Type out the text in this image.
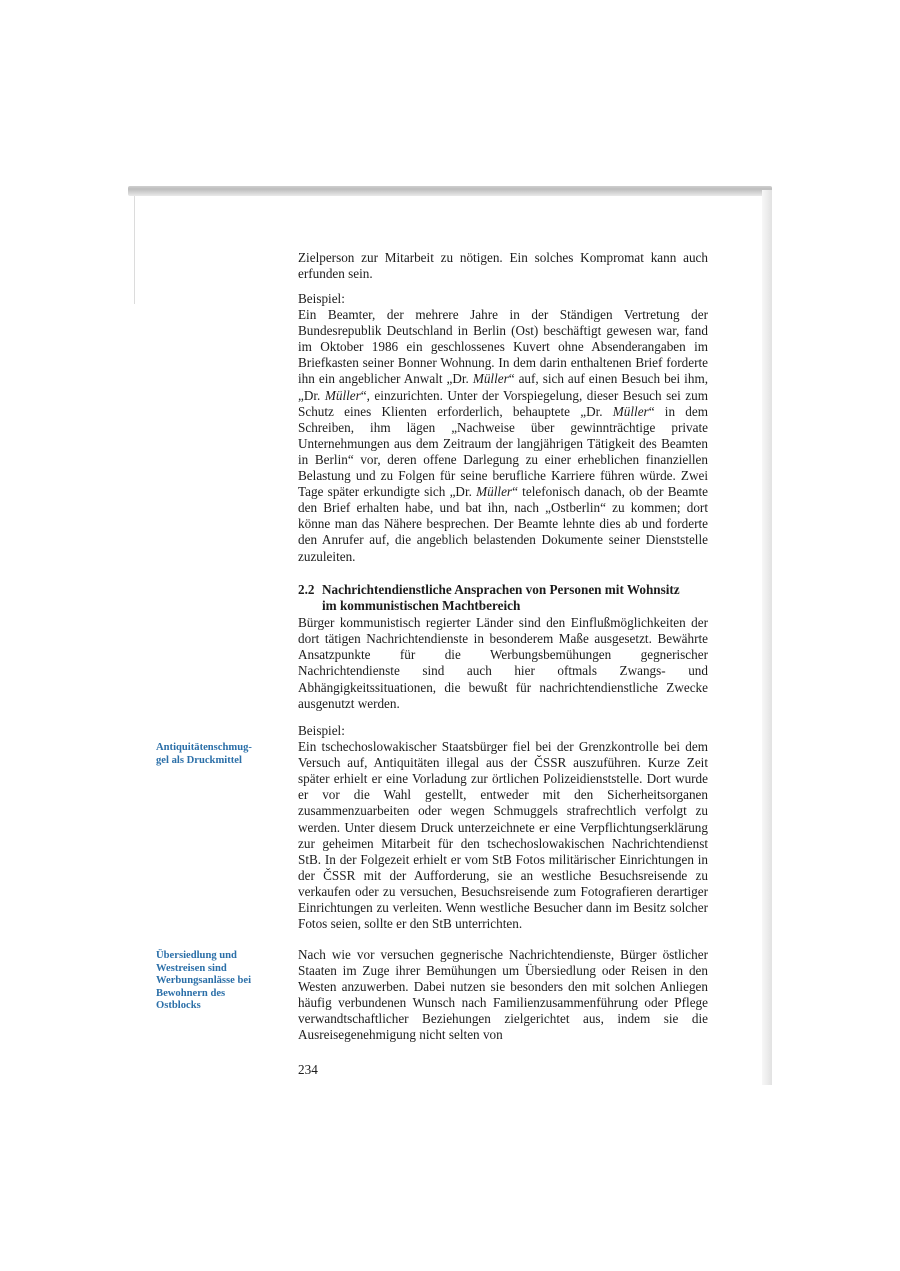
Zielperson zur Mitarbeit zu nötigen. Ein solches Kompromat kann auch erfunden sein.

Beispiel:

Ein Beamter, der mehrere Jahre in der Ständigen Vertretung der Bundesrepublik Deutschland in Berlin (Ost) beschäftigt gewesen war, fand im Oktober 1986 ein geschlossenes Kuvert ohne Absenderangaben im Briefkasten seiner Bonner Wohnung. In dem darin enthaltenen Brief forderte ihn ein angeblicher Anwalt „Dr. Müller“ auf, sich auf einen Besuch bei ihm, „Dr. Müller“, einzurichten. Unter der Vorspiegelung, dieser Besuch sei zum Schutz eines Klienten erforderlich, behauptete „Dr. Müller“ in dem Schreiben, ihm lägen „Nachweise über gewinnträchtige private Unternehmungen aus dem Zeitraum der langjährigen Tätigkeit des Beamten in Berlin“ vor, deren offene Darlegung zu einer erheblichen finanziellen Belastung und zu Folgen für seine berufliche Karriere führen würde. Zwei Tage später erkundigte sich „Dr. Müller“ telefonisch danach, ob der Beamte den Brief erhalten habe, und bat ihn, nach „Ostberlin“ zu kommen; dort könne man das Nähere besprechen. Der Beamte lehnte dies ab und forderte den Anrufer auf, die angeblich belastenden Dokumente seiner Dienststelle zuzuleiten.

2.2 Nachrichtendienstliche Ansprachen von Personen mit Wohnsitz
im kommunistischen Machtbereich

Bürger kommunistisch regierter Länder sind den Einflußmöglichkeiten der dort tätigen Nachrichtendienste in besonderem Maße ausgesetzt. Bewährte Ansatzpunkte für die Werbungsbemühungen gegnerischer Nachrichtendienste sind auch hier oftmals Zwangs- und Abhängigkeitssituationen, die bewußt für nachrichtendienstliche Zwecke ausgenutzt werden.

Beispiel:

Ein tschechoslowakischer Staatsbürger fiel bei der Grenzkontrolle bei dem Versuch auf, Antiquitäten illegal aus der ČSSR auszuführen. Kurze Zeit später erhielt er eine Vorladung zur örtlichen Polizeidienststelle. Dort wurde er vor die Wahl gestellt, entweder mit den Sicherheitsorganen zusammenzuarbeiten oder wegen Schmuggels strafrechtlich verfolgt zu werden. Unter diesem Druck unterzeichnete er eine Verpflichtungserklärung zur geheimen Mitarbeit für den tschechoslowakischen Nachrichtendienst StB. In der Folgezeit erhielt er vom StB Fotos militärischer Einrichtungen in der ČSSR mit der Aufforderung, sie an westliche Besuchsreisende zu verkaufen oder zu versuchen, Besuchsreisende zum Fotografieren derartiger Einrichtungen zu verleiten. Wenn westliche Besucher dann im Besitz solcher Fotos seien, sollte er den StB unterrichten.

Nach wie vor versuchen gegnerische Nachrichtendienste, Bürger östlicher Staaten im Zuge ihrer Bemühungen um Übersiedlung oder Reisen in den Westen anzuwerben. Dabei nutzen sie besonders den mit solchen Anliegen häufig verbundenen Wunsch nach Familienzusammenführung oder Pflege verwandtschaftlicher Beziehungen zielgerichtet aus, indem sie die Ausreisegenehmigung nicht selten von

Antiquitätenschmug-
gel als Druckmittel
Übersiedlung und
Westreisen sind
Werbungsanlässe bei
Bewohnern des
Ostblocks
234
